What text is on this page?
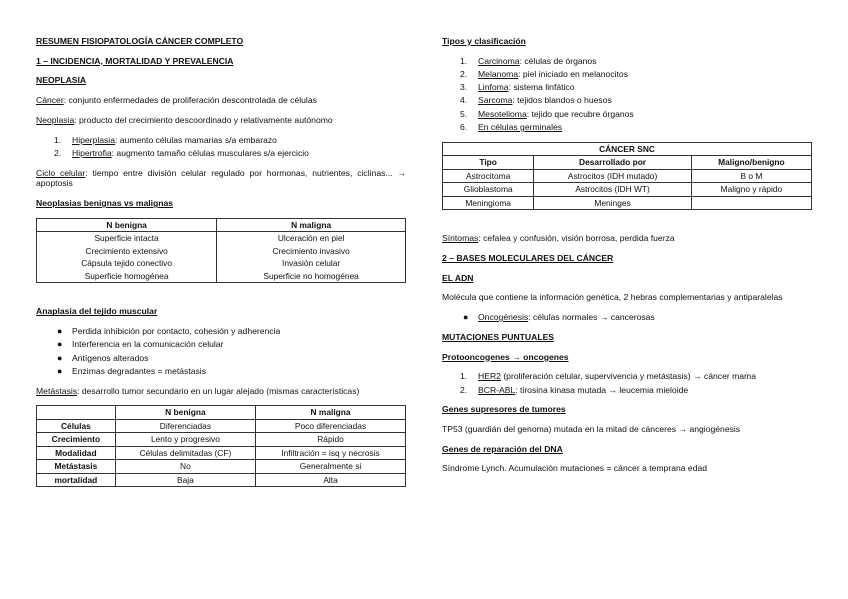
RESUMEN FISIOPATOLOGÍA CÁNCER COMPLETO
1 – INCIDENCIA, MORTALIDAD Y PREVALENCIA
NEOPLASIA

Cáncer: conjunto enfermedades de proliferación descontrolada de células

Neoplasia: producto del crecimiento descoordinado y relativamente autónomo

1. Hiperplasia: aumento células mamarias s/a embarazo
2. Hipertrofia: augmento tamaño células musculares s/a ejercicio

Ciclo celular: tiempo entre división celular regulado por hormonas, nutrientes, ciclinas... → apoptosis

Neoplasias benignas vs malignas
N benigna	N maligna
Superficie intacta	Ulceración en piel
Crecimiento extensivo	Crecimiento invasivo
Cápsula tejido conectivo	Invasión celular
Superficie homogénea	Superficie no homogénea
Anaplasia del tejido muscular
● Perdida inhibición por contacto, cohesión y adherencia
● Interferencia en la comunicación celular
● Antígenos alterados
● Enzimas degradantes = metástasis

Metástasis: desarrollo tumor secundario en un lugar alejado (mismas características)

	N benigna	N maligna
Células	Diferenciadas	Poco diferenciadas
Crecimiento	Lento y progresivo	Rápido
Modalidad	Células delimitadas (CF)	Infiltración = isq y necrosis
Metástasis	No	Generalmente si
mortalidad	Baja	Alta
Tipos y clasificación
1. Carcinoma: células de órganos
2. Melanoma: piel iniciado en melanocitos
3. Linfoma: sistema linfático
4. Sarcoma: tejidos blandos o huesos
5. Mesotelioma: tejido que recubre órganos
6. En células germinales
CÁNCER SNC		
Tipo	Desarrollado por	Maligno/benigno
Astrocitoma	Astrocitos (IDH mutado)	B o M
Glioblastoma	Astrocitos (IDH WT)	Maligno y rápido
Meningioma	Meninges	

Síntomas: cefalea y confusión, visión borrosa, perdida fuerza

2 – BASES MOLECULARES DEL CÁNCER
EL ADN

Molécula que contiene la información genética, 2 hebras complementarias y antiparalelas

● Oncogénesis: células normales → cancerosas
MUTACIONES PUNTUALES
Protooncogenes → oncogenes
1. HER2 (proliferación celular, supervivencia y metástasis) → cáncer mama
2. BCR-ABL: tirosina kinasa mutada → leucemia mieloide
Genes supresores de tumores

TP53 (guardián del genoma) mutada en la mitad de cánceres → angiogénesis

Genes de reparación del DNA

Síndrome Lynch. Acumulación mutaciones = cáncer a temprana edad
